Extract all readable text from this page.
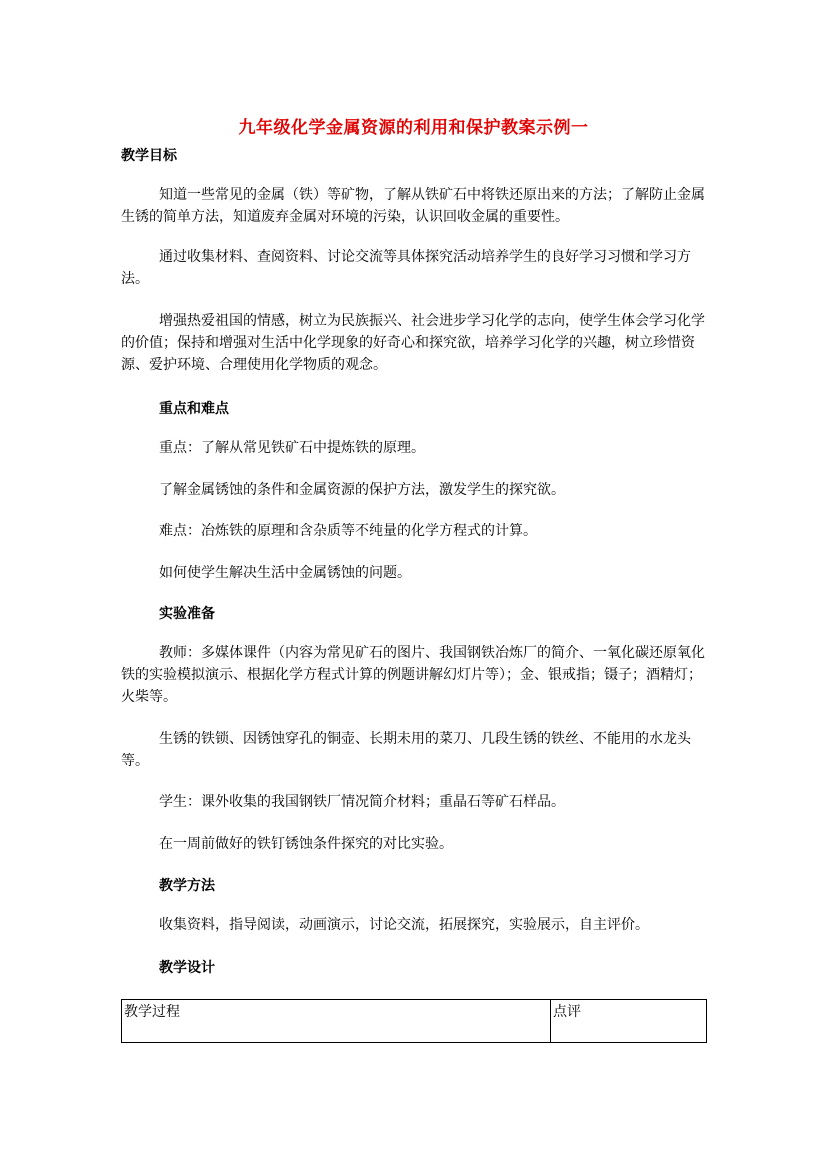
九年级化学金属资源的利用和保护教案示例一
教学目标

知道一些常见的金属（铁）等矿物，了解从铁矿石中将铁还原出来的方法；了解防止金属生锈的简单方法，知道废弃金属对环境的污染，认识回收金属的重要性。

通过收集材料、查阅资料、讨论交流等具体探究活动培养学生的良好学习习惯和学习方法。

增强热爱祖国的情感，树立为民族振兴、社会进步学习化学的志向，使学生体会学习化学的价值；保持和增强对生活中化学现象的好奇心和探究欲，培养学习化学的兴趣，树立珍惜资源、爱护环境、合理使用化学物质的观念。

重点和难点

重点：了解从常见铁矿石中提炼铁的原理。

了解金属锈蚀的条件和金属资源的保护方法，激发学生的探究欲。

难点：冶炼铁的原理和含杂质等不纯量的化学方程式的计算。

如何使学生解决生活中金属锈蚀的问题。

实验准备

教师：多媒体课件（内容为常见矿石的图片、我国钢铁冶炼厂的简介、一氧化碳还原氧化铁的实验模拟演示、根据化学方程式计算的例题讲解幻灯片等）；金、银戒指；镊子；酒精灯；火柴等。

生锈的铁锁、因锈蚀穿孔的铜壶、长期未用的菜刀、几段生锈的铁丝、不能用的水龙头等。

学生：课外收集的我国钢铁厂情况简介材料；重晶石等矿石样品。

在一周前做好的铁钉锈蚀条件探究的对比实验。

教学方法

收集资料，指导阅读，动画演示，讨论交流，拓展探究，实验展示，自主评价。

教学设计
教学过程	点评
